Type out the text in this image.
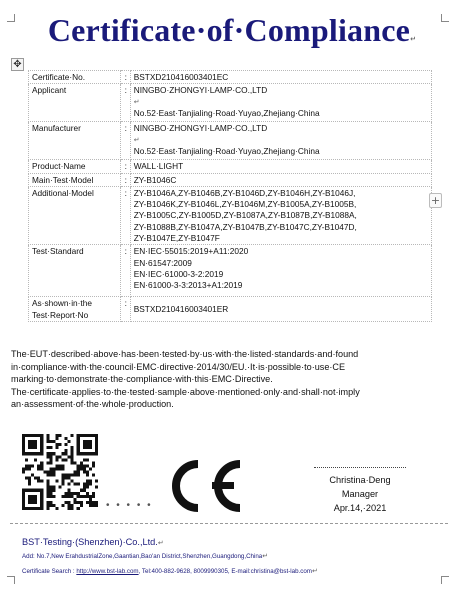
Certificate·of·Compliance↵
✥
Certificate·No.	:	BSTXD210416003401EC
Applicant	:	NINGBO·ZHONGYI·LAMP·CO.,LTD
↵
No.52·East·Tanjialing·Road·Yuyao,Zhejiang·China

Manufacturer	:	NINGBO·ZHONGYI·LAMP·CO.,LTD
↵
No.52·East·Tanjialing·Road·Yuyao,Zhejiang·China

Product·Name	:	WALL·LIGHT
Main·Test·Model	:	ZY-B1046C
Additional·Model	:	ZY-B1046A,ZY-B1046B,ZY-B1046D,ZY-B1046H,ZY-B1046J,
ZY-B1046K,ZY-B1046L,ZY-B1046M,ZY-B1005A,ZY-B1005B,
ZY-B1005C,ZY-B1005D,ZY-B1087A,ZY-B1087B,ZY-B1088A,
ZY-B1088B,ZY-B1047A,ZY-B1047B,ZY-B1047C,ZY-B1047D,
ZY-B1047E,ZY-B1047F

Test·Standard	:	EN·IEC·55015:2019+A11:2020
EN·61547:2009
EN·IEC·61000-3-2:2019
EN·61000-3-3:2013+A1:2019

As·shown·in·the
Test·Report·No	:	BSTXD210416003401ER
+
The·EUT·described·above·has·been·tested·by·us·with·the·listed·standards·and·found
in·compliance·with·the·council·EMC·directive·2014/30/EU.·It·is·possible·to·use·CE
marking·to·demonstrate·the·compliance·with·this·EMC·Directive.
The·certificate·applies·to·the·tested·sample·above·mentioned·only·and·shall·not·imply
an·assessment·of·the·whole·production.
• • • • •
Christina·Deng
Manager
Apr.14,·2021
BST·Testing·(Shenzhen)·Co.,Ltd.↵
Add: No.7,New ErahdustrialZone,Gaantian,Bao'an District,Shenzhen,Guangdong,China↵
Certificate Search : http://www.bst-lab.com, Tel:400-882-9628, 8009990305, E-mail:christina@bst-lab.com↵
